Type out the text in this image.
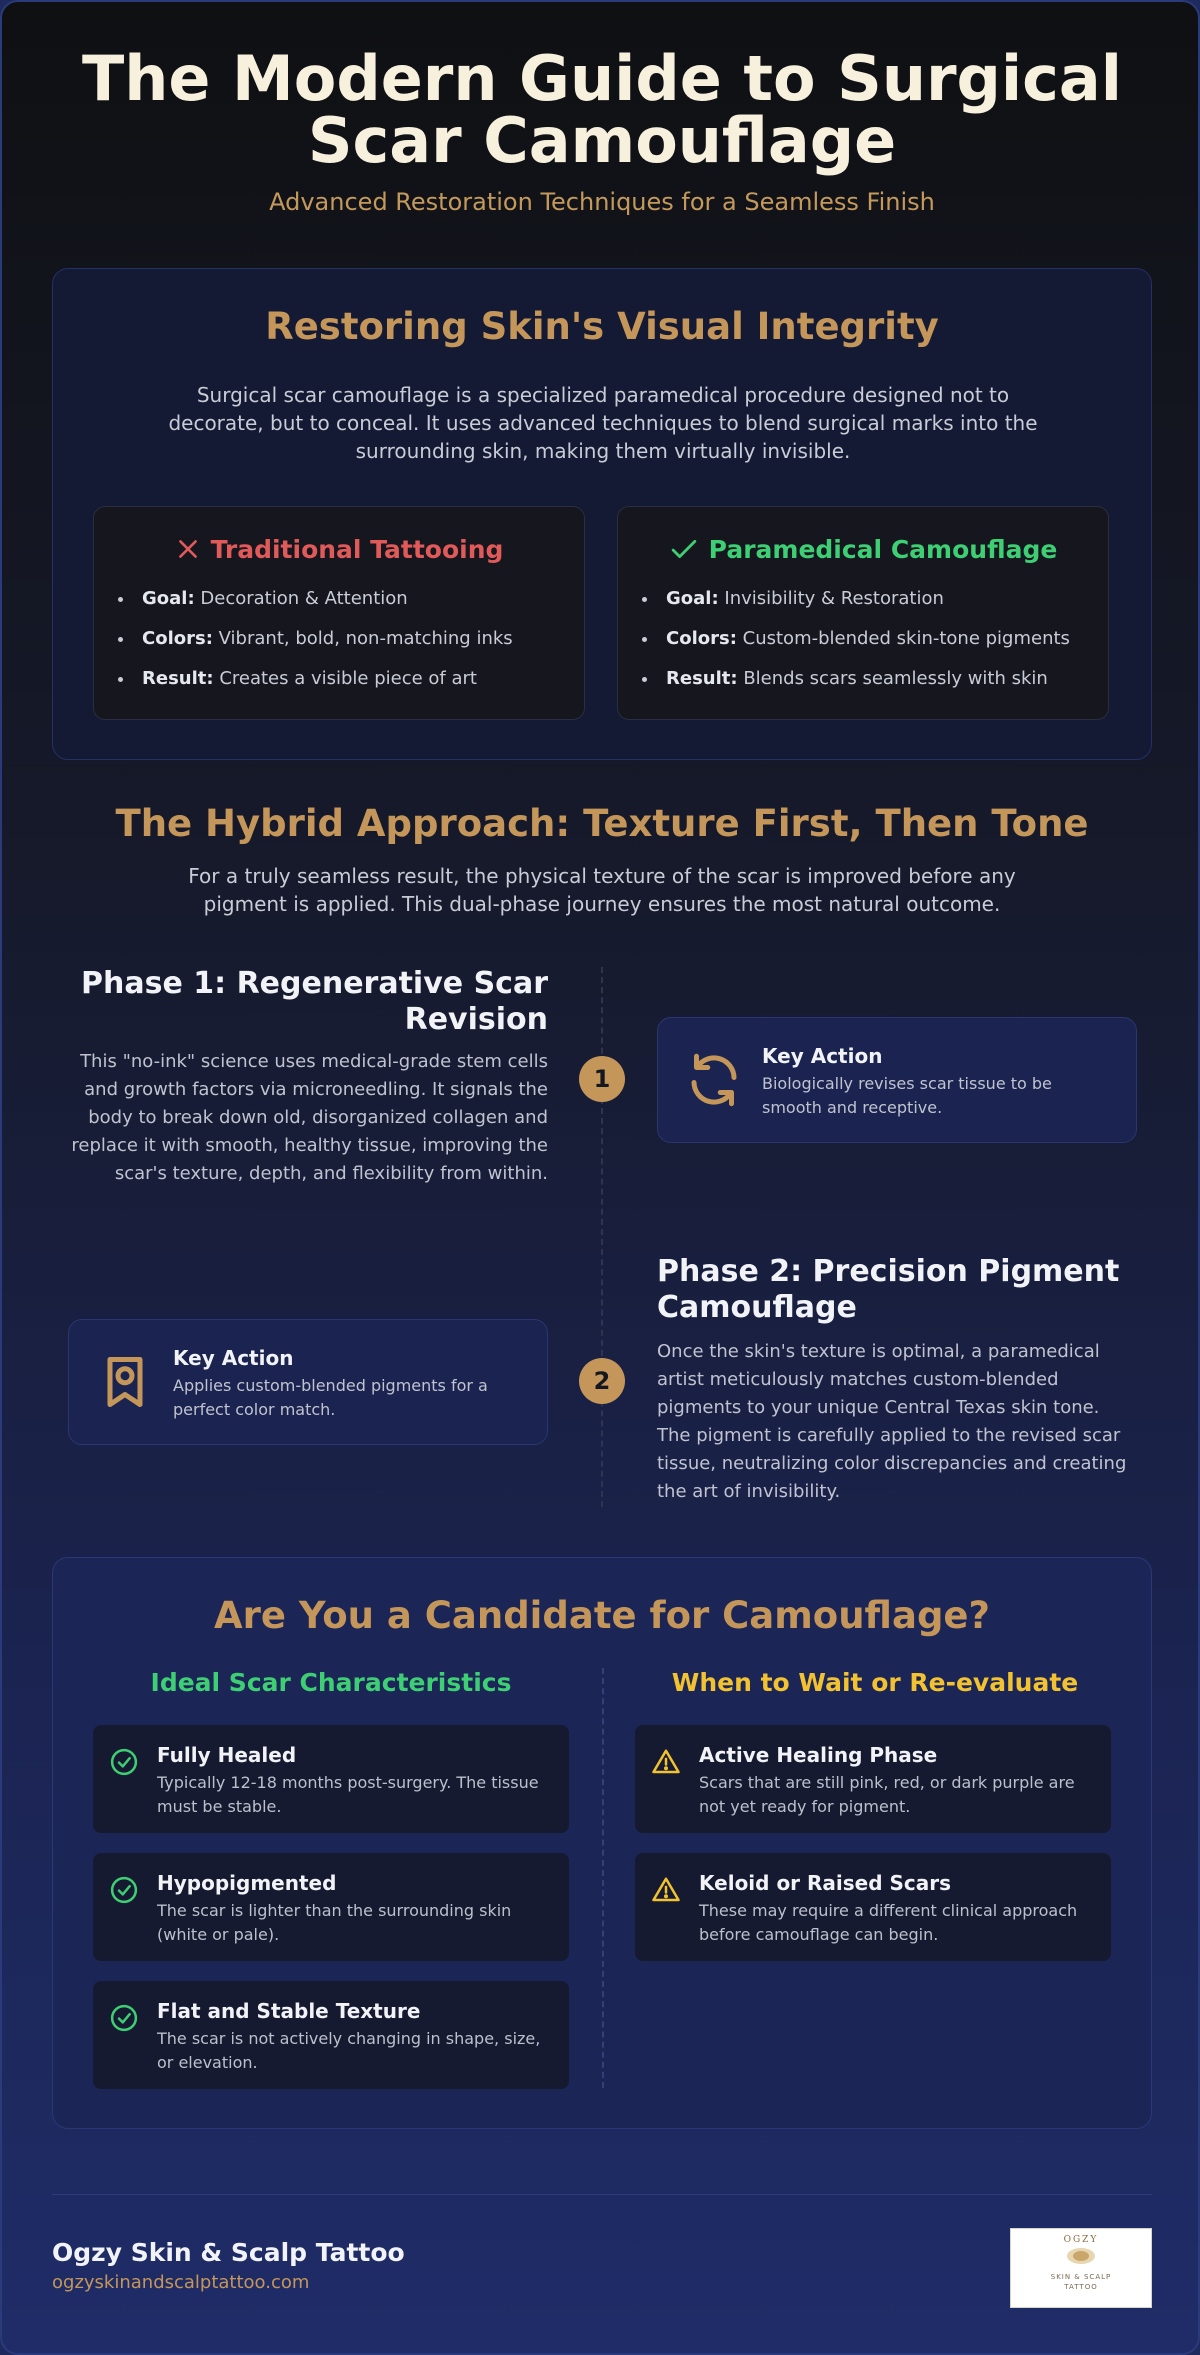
The Modern Guide to Surgical
Scar Camouflage
Advanced Restoration Techniques for a Seamless Finish
Restoring Skin's Visual Integrity
Surgical scar camouflage is a specialized paramedical procedure designed not to decorate, but to conceal. It uses advanced techniques to blend surgical marks into the surrounding skin, making them virtually invisible.
Traditional Tattooing
Goal: Decoration & Attention
Colors: Vibrant, bold, non-matching inks
Result: Creates a visible piece of art
Paramedical Camouflage
Goal: Invisibility & Restoration
Colors: Custom-blended skin-tone pigments
Result: Blends scars seamlessly with skin
The Hybrid Approach: Texture First, Then Tone
For a truly seamless result, the physical texture of the scar is improved before any pigment is applied. This dual-phase journey ensures the most natural outcome.
Phase 1: Regenerative Scar
Revision
This "no-ink" science uses medical-grade stem cells and growth factors via microneedling. It signals the body to break down old, disorganized collagen and replace it with smooth, healthy tissue, improving the scar's texture, depth, and flexibility from within.
1
Key Action
Biologically revises scar tissue to be smooth and receptive.
Phase 2: Precision Pigment
Camouflage
Once the skin's texture is optimal, a paramedical artist meticulously matches custom-blended pigments to your unique Central Texas skin tone. The pigment is carefully applied to the revised scar tissue, neutralizing color discrepancies and creating the art of invisibility.
2
Key Action
Applies custom-blended pigments for a perfect color match.
Are You a Candidate for Camouflage?
Ideal Scar Characteristics	When to Wait or Re-evaluate
Fully Healed
Typically 12-18 months post-surgery. The tissue must be stable.
Hypopigmented
The scar is lighter than the surrounding skin (white or pale).
Flat and Stable Texture
The scar is not actively changing in shape, size, or elevation.
Active Healing Phase
Scars that are still pink, red, or dark purple are not yet ready for pigment.
Keloid or Raised Scars
These may require a different clinical approach before camouflage can begin.
Ogzy Skin & Scalp Tattoo
ogzyskinandscalptattoo.com
OGZY
SKIN & SCALP
TATTOO
